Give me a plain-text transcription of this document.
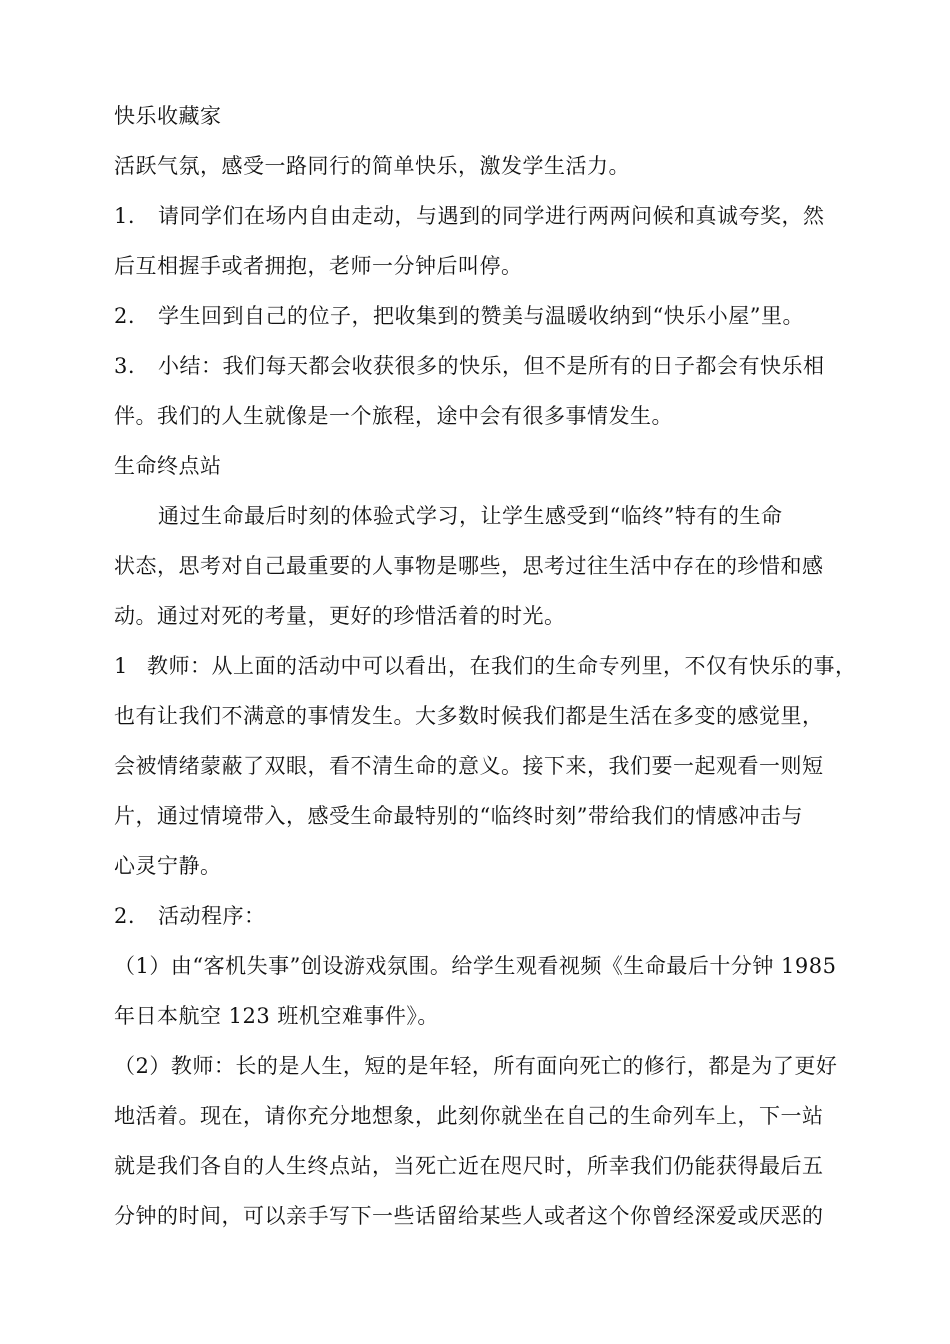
快乐收藏家
活跃气氛，感受一路同行的简单快乐，激发学生活力。
1. 请同学们在场内自由走动，与遇到的同学进行两两问候和真诚夸奖，然
后互相握手或者拥抱，老师一分钟后叫停。
2. 学生回到自己的位子，把收集到的赞美与温暖收纳到“快乐小屋”里。
3. 小结：我们每天都会收获很多的快乐，但不是所有的日子都会有快乐相
伴。我们的人生就像是一个旅程，途中会有很多事情发生。
生命终点站
通过生命最后时刻的体验式学习，让学生感受到“临终”特有的生命
状态，思考对自己最重要的人事物是哪些，思考过往生活中存在的珍惜和感
动。通过对死的考量，更好的珍惜活着的时光。
1 教师：从上面的活动中可以看出，在我们的生命专列里，不仅有快乐的事，
也有让我们不满意的事情发生。大多数时候我们都是生活在多变的感觉里，
会被情绪蒙蔽了双眼，看不清生命的意义。接下来，我们要一起观看一则短
片，通过情境带入，感受生命最特别的“临终时刻”带给我们的情感冲击与
心灵宁静。
2. 活动程序：
（1）由“客机失事”创设游戏氛围。给学生观看视频《生命最后十分钟 1985
年日本航空 123 班机空难事件》。
（2）教师：长的是人生，短的是年轻，所有面向死亡的修行，都是为了更好
地活着。现在，请你充分地想象，此刻你就坐在自己的生命列车上，下一站
就是我们各自的人生终点站，当死亡近在咫尺时，所幸我们仍能获得最后五
分钟的时间，可以亲手写下一些话留给某些人或者这个你曾经深爱或厌恶的
